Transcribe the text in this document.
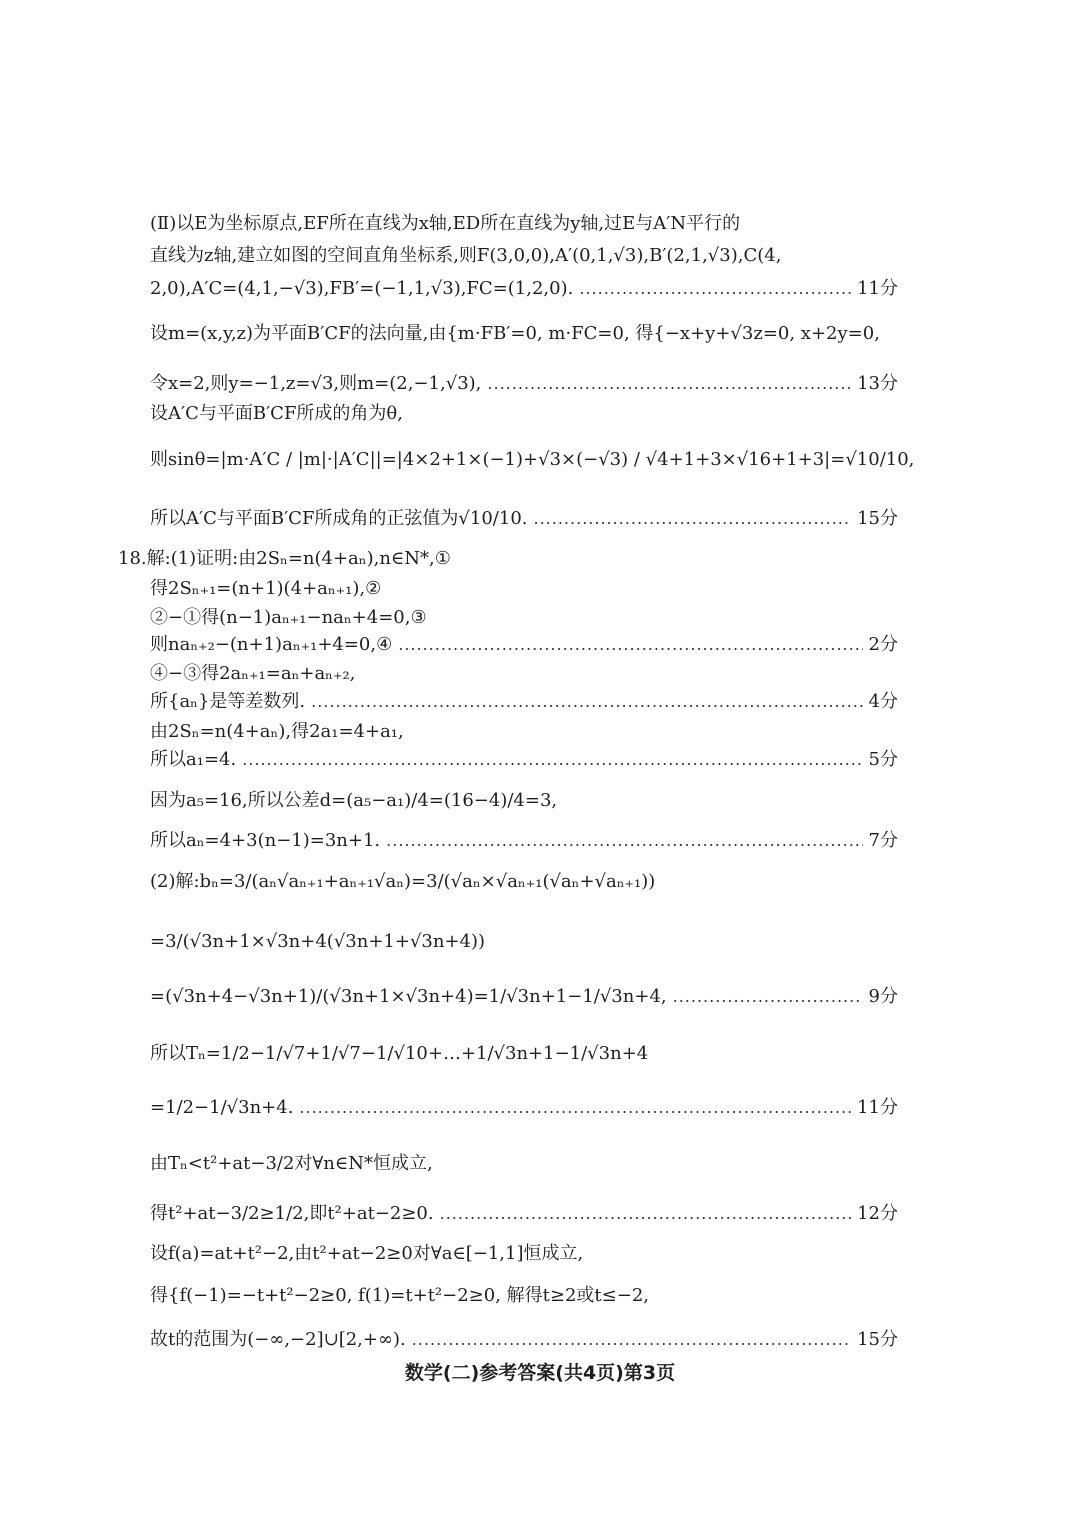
(Ⅱ)以E为坐标原点,EF所在直线为x轴,ED所在直线为y轴,过E与A′N平行的
直线为z轴,建立如图的空间直角坐标系,则F(3,0,0),A′(0,1,√3),B′(2,1,√3),C(4,
2,0),A′C=(4,1,−√3),FB′=(−1,1,√3),FC=(1,2,0). .....	11分
设m=(x,y,z)为平面B′CF的法向量,由{m·FB′=0, m·FC=0, 得{−x+y+√3z=0, x+2y=0,
令x=2,则y=−1,z=√3,则m=(2,−1,√3), .....	13分
设A′C与平面B′CF所成的角为θ,
则sinθ=|m·A′C / |m|·|A′C||=|4×2+1×(−1)+√3×(−√3) / √4+1+3×√16+1+3|=√10/10,
所以A′C与平面B′CF所成角的正弦值为√10/10. .....	15分
18.解:(1)证明:由2Sₙ=n(4+aₙ),n∈N*,①
得2Sₙ₊₁=(n+1)(4+aₙ₊₁),②
②−①得(n−1)aₙ₊₁−naₙ+4=0,③
则naₙ₊₂−(n+1)aₙ₊₁+4=0,④ .....	2分
④−③得2aₙ₊₁=aₙ+aₙ₊₂,
所{aₙ}是等差数列. .....	4分
由2Sₙ=n(4+aₙ),得2a₁=4+a₁,
所以a₁=4. .....	5分
因为a₅=16,所以公差d=(a₅−a₁)/4=(16−4)/4=3,
所以aₙ=4+3(n−1)=3n+1. .....	7分
(2)解:bₙ=3/(aₙ√aₙ₊₁+aₙ₊₁√aₙ)=3/(√aₙ×√aₙ₊₁(√aₙ+√aₙ₊₁))
=3/(√3n+1×√3n+4(√3n+1+√3n+4))
=(√3n+4−√3n+1)/(√3n+1×√3n+4)=1/√3n+1−1/√3n+4, .....	9分
所以Tₙ=1/2−1/√7+1/√7−1/√10+…+1/√3n+1−1/√3n+4
=1/2−1/√3n+4. .....	11分
由Tₙ<t²+at−3/2对∀n∈N*恒成立,
得t²+at−3/2≥1/2,即t²+at−2≥0. .....	12分
设f(a)=at+t²−2,由t²+at−2≥0对∀a∈[−1,1]恒成立,
得{f(−1)=−t+t²−2≥0, f(1)=t+t²−2≥0, 解得t≥2或t≤−2,
故t的范围为(−∞,−2]∪[2,+∞). .....	15分
数学(二)参考答案(共4页)第3页
